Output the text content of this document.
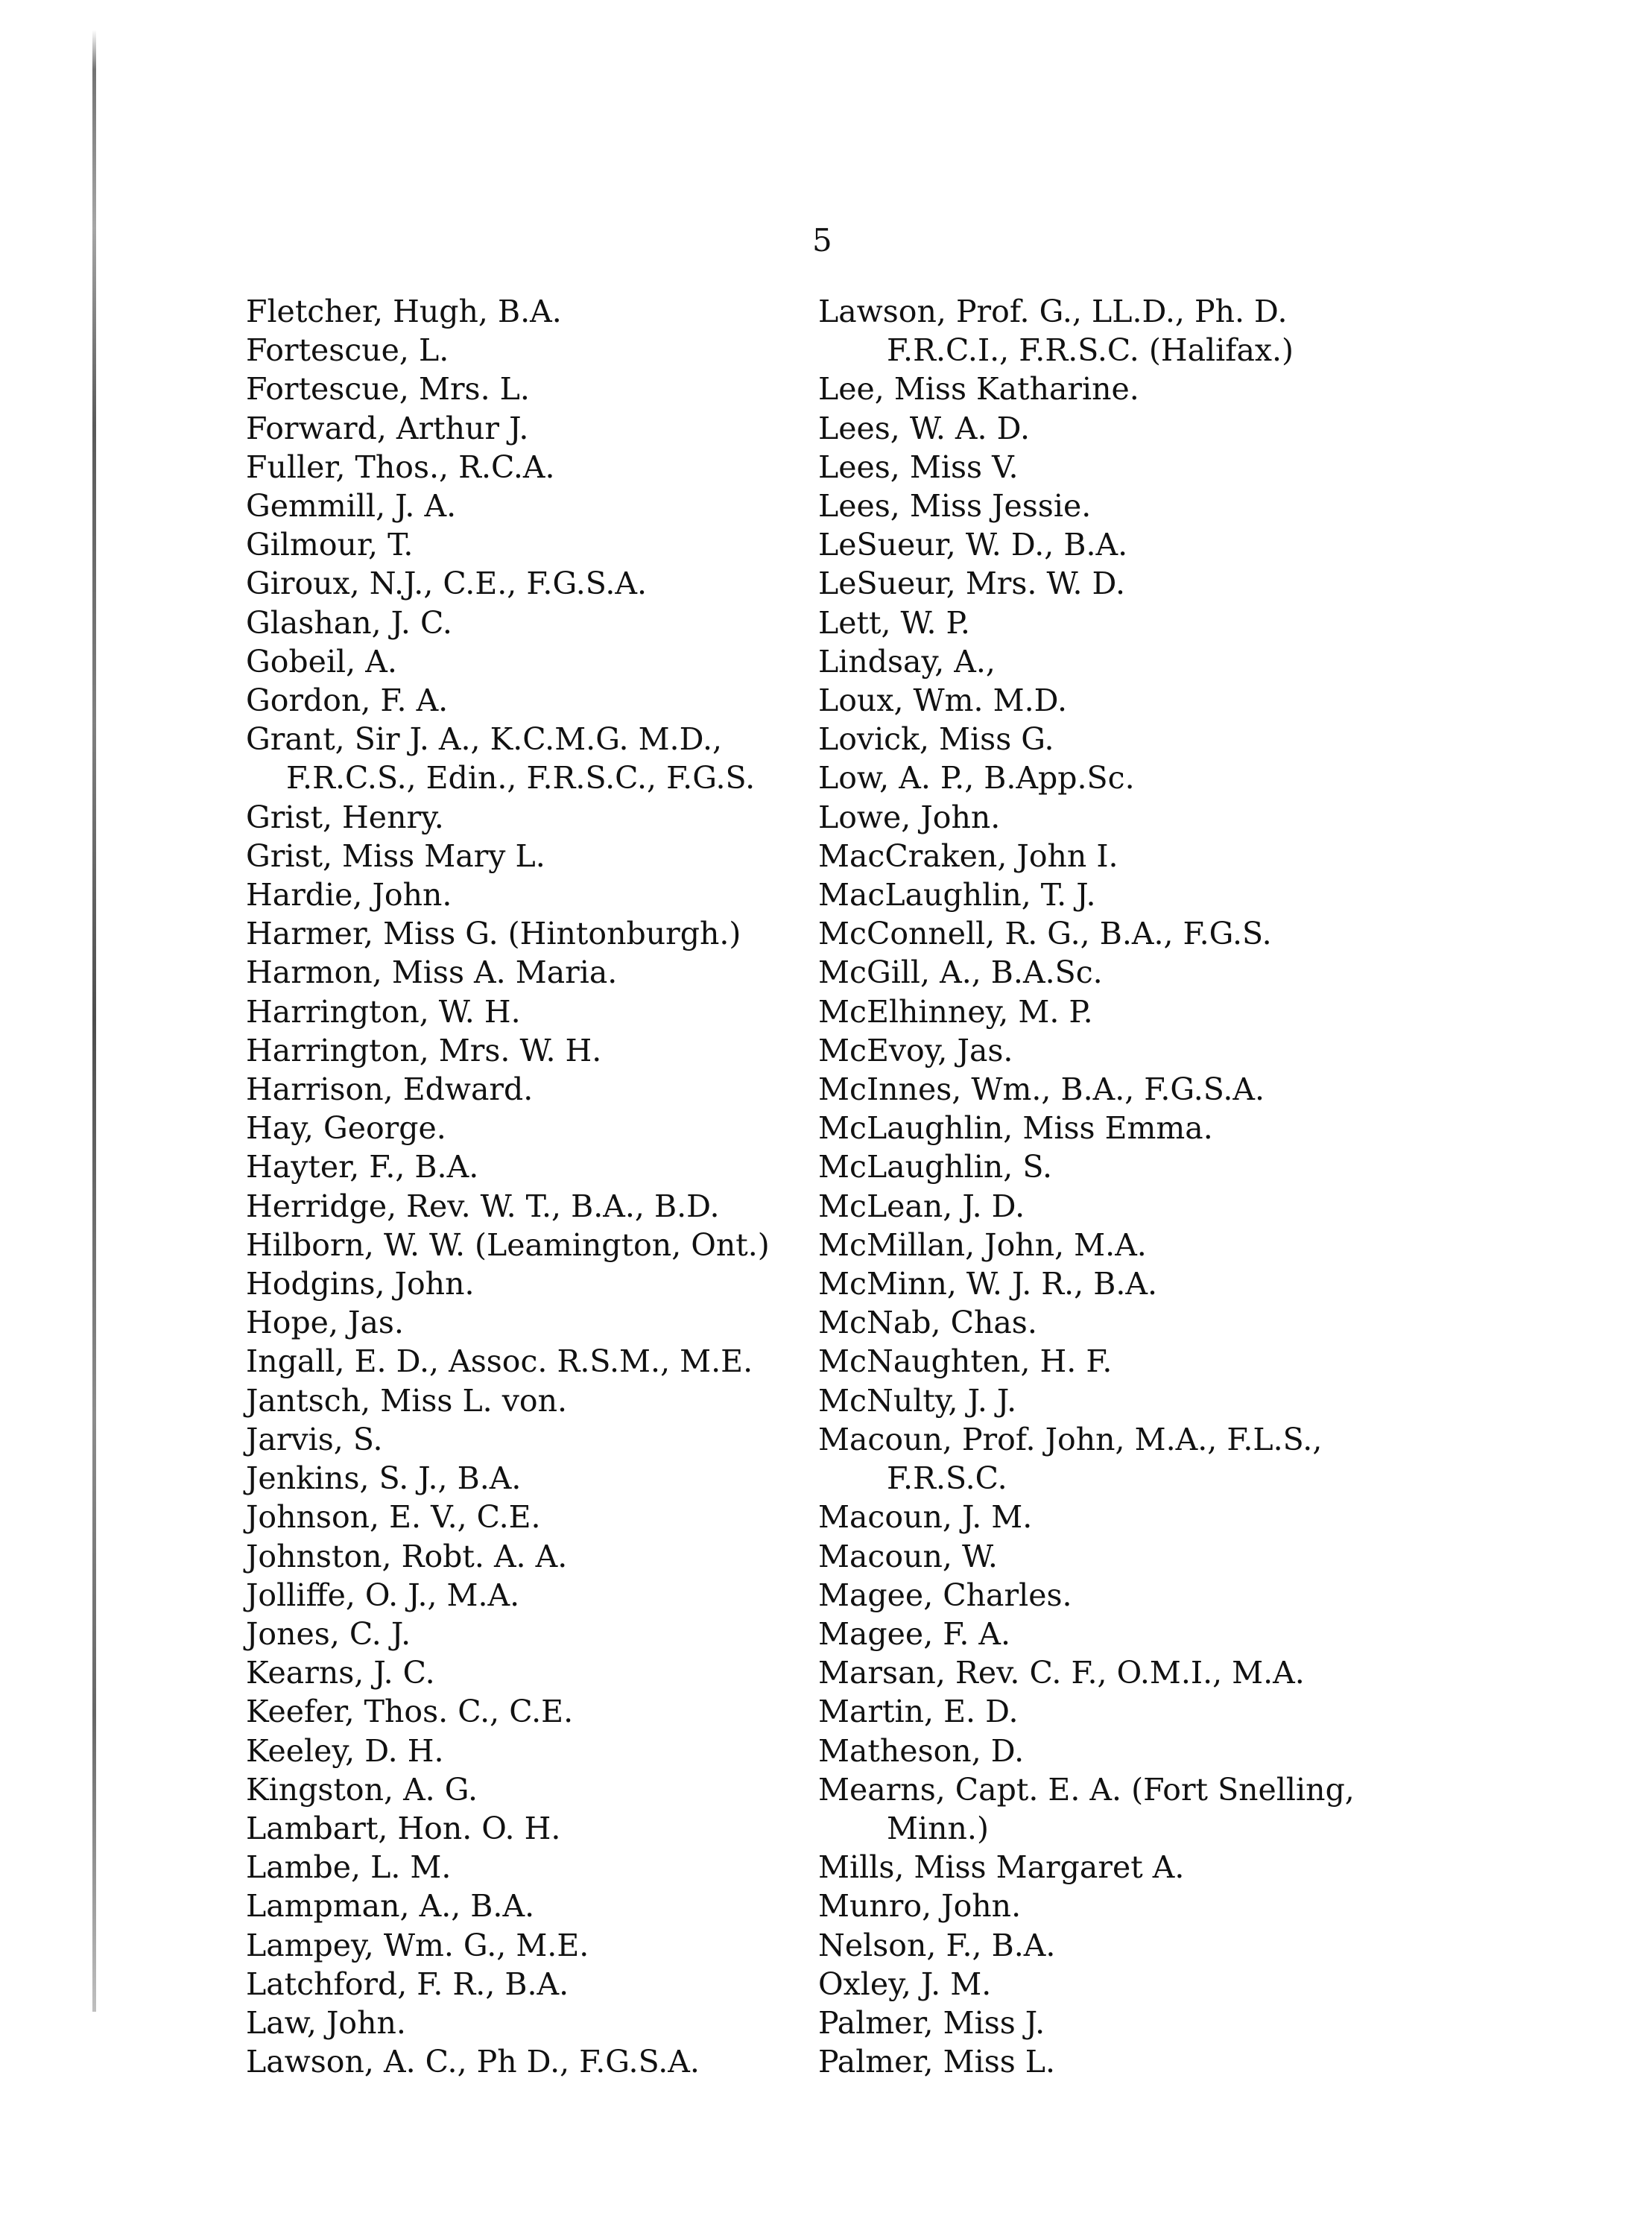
5
Fletcher, Hugh, B.A.
Fortescue, L.
Fortescue, Mrs. L.
Forward, Arthur J.
Fuller, Thos., R.C.A.
Gemmill, J. A.
Gilmour, T.
Giroux, N.J., C.E., F.G.S.A.
Glashan, J. C.
Gobeil, A.
Gordon, F. A.
Grant, Sir J. A., K.C.M.G. M.D.,
F.R.C.S., Edin., F.R.S.C., F.G.S.
Grist, Henry.
Grist, Miss Mary L.
Hardie, John.
Harmer, Miss G. (Hintonburgh.)
Harmon, Miss A. Maria.
Harrington, W. H.
Harrington, Mrs. W. H.
Harrison, Edward.
Hay, George.
Hayter, F., B.A.
Herridge, Rev. W. T., B.A., B.D.
Hilborn, W. W. (Leamington, Ont.)
Hodgins, John.
Hope, Jas.
Ingall, E. D., Assoc. R.S.M., M.E.
Jantsch, Miss L. von.
Jarvis, S.
Jenkins, S. J., B.A.
Johnson, E. V., C.E.
Johnston, Robt. A. A.
Jolliffe, O. J., M.A.
Jones, C. J.
Kearns, J. C.
Keefer, Thos. C., C.E.
Keeley, D. H.
Kingston, A. G.
Lambart, Hon. O. H.
Lambe, L. M.
Lampman, A., B.A.
Lampey, Wm. G., M.E.
Latchford, F. R., B.A.
Law, John.
Lawson, A. C., Ph D., F.G.S.A.
Lawson, Prof. G., LL.D., Ph. D.
F.R.C.I., F.R.S.C. (Halifax.)
Lee, Miss Katharine.
Lees, W. A. D.
Lees, Miss V.
Lees, Miss Jessie.
LeSueur, W. D., B.A.
LeSueur, Mrs. W. D.
Lett, W. P.
Lindsay, A.,
Loux, Wm. M.D.
Lovick, Miss G.
Low, A. P., B.App.Sc.
Lowe, John.
MacCraken, John I.
MacLaughlin, T. J.
McConnell, R. G., B.A., F.G.S.
McGill, A., B.A.Sc.
McElhinney, M. P.
McEvoy, Jas.
McInnes, Wm., B.A., F.G.S.A.
McLaughlin, Miss Emma.
McLaughlin, S.
McLean, J. D.
McMillan, John, M.A.
McMinn, W. J. R., B.A.
McNab, Chas.
McNaughten, H. F.
McNulty, J. J.
Macoun, Prof. John, M.A., F.L.S.,
F.R.S.C.
Macoun, J. M.
Macoun, W.
Magee, Charles.
Magee, F. A.
Marsan, Rev. C. F., O.M.I., M.A.
Martin, E. D.
Matheson, D.
Mearns, Capt. E. A. (Fort Snelling,
Minn.)
Mills, Miss Margaret A.
Munro, John.
Nelson, F., B.A.
Oxley, J. M.
Palmer, Miss J.
Palmer, Miss L.
